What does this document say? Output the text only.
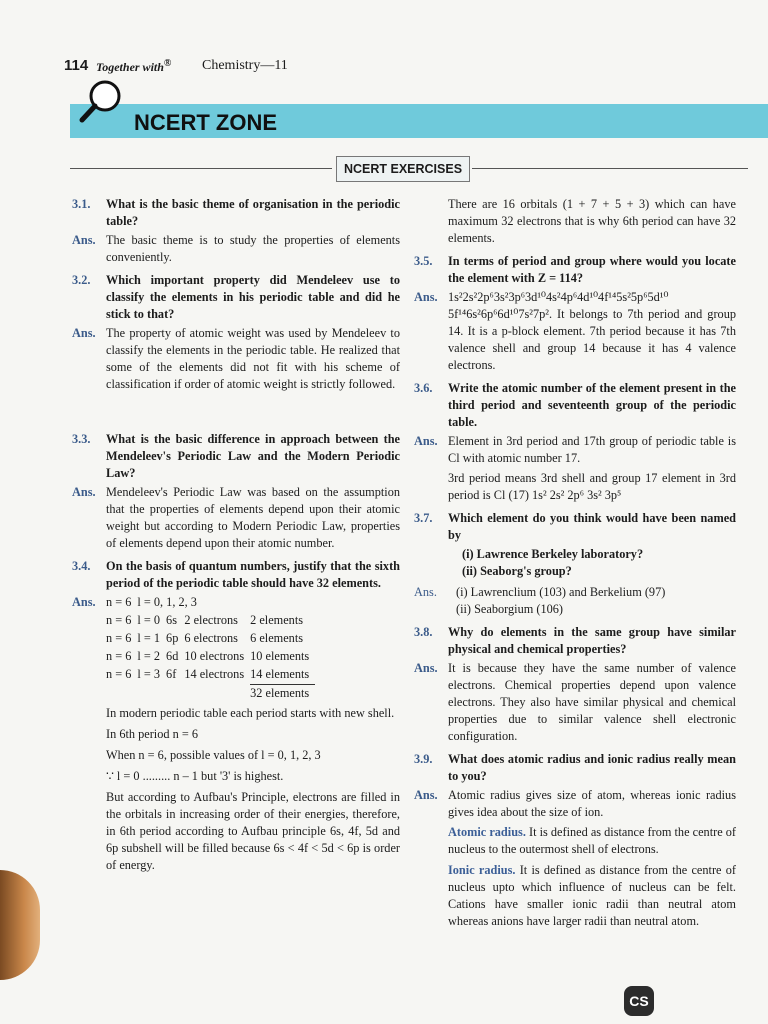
114 Together with® Chemistry—11
NCERT ZONE
NCERT EXERCISES
3.1.	What is the basic theme of organisation in the periodic table?
Ans. The basic theme is to study the properties of elements conveniently.
3.2.	Which important property did Mendeleev use to classify the elements in his periodic table and did he stick to that?
Ans. The property of atomic weight was used by Mendeleev to classify the elements in the periodic table. He realized that some of the elements did not fit with his scheme of classification if order of atomic weight is strictly followed.
3.3.	What is the basic difference in approach between the Mendeleev's Periodic Law and the Modern Periodic Law?
Ans. Mendeleev's Periodic Law was based on the assumption that the properties of elements depend upon their atomic weight but according to Modern Periodic Law, properties of elements depend upon their atomic number.
3.4.	On the basis of quantum numbers, justify that the sixth period of the periodic table should have 32 elements.
Ans. n = 6	l = 0, 1, 2, 3			
n = 6	l = 0	6s	2 electrons	2 elements
n = 6	l = 1	6p	6 electrons	6 elements
n = 6	l = 2	6d	10 electrons	10 elements
n = 6	l = 3	6f	14 electrons	14 elements
				32 elements
In modern periodic table each period starts with new shell.
In 6th period n = 6
When n = 6, possible values of l = 0, 1, 2, 3
∵ l = 0 ......... n – 1 but '3' is highest.
But according to Aufbau's Principle, electrons are filled in the orbitals in increasing order of their energies, therefore, in 6th period according to Aufbau principle 6s, 4f, 5d and 6p subshell will be filled because 6s < 4f < 5d < 6p is order of energy.
There are 16 orbitals (1 + 7 + 5 + 3) which can have maximum 32 electrons that is why 6th period can have 32 elements.
3.5.	In terms of period and group where would you locate the element with Z = 114?
Ans. 1s²2s²2p⁶3s²3p⁶3d¹⁰4s²4p⁶4d¹⁰4f¹⁴5s²5p⁶5d¹⁰ 5f¹⁴6s²6p⁶6d¹⁰7s²7p². It belongs to 7th period and group 14. It is a p-block element. 7th period because it has 7th valence shell and group 14 because it has 4 valence electrons.
3.6.	Write the atomic number of the element present in the third period and seventeenth group of the periodic table.
Ans. Element in 3rd period and 17th group of periodic table is Cl with atomic number 17.
3rd period means 3rd shell and group 17 element in 3rd period is Cl (17) 1s² 2s² 2p⁶ 3s² 3p⁵
3.7.	Which element do you think would have been named by
(i) Lawrence Berkeley laboratory?
(ii) Seaborg's group?
Ans.	(i) Lawrenclium (103) and Berkelium (97)
(ii) Seaborgium (106)
3.8.	Why do elements in the same group have similar physical and chemical properties?
Ans. It is because they have the same number of valence electrons. Chemical properties depend upon valence electrons. They also have similar physical and chemical properties due to similar valence shell electronic configuration.
3.9.	What does atomic radius and ionic radius really mean to you?
Ans. Atomic radius gives size of atom, whereas ionic radius gives idea about the size of ion.
Atomic radius. It is defined as distance from the centre of nucleus to the outermost shell of electrons.
Ionic radius. It is defined as distance from the centre of nucleus upto which influence of nucleus can be felt. Cations have smaller ionic radii than neutral atom whereas anions have larger radii than neutral atom.
CS
